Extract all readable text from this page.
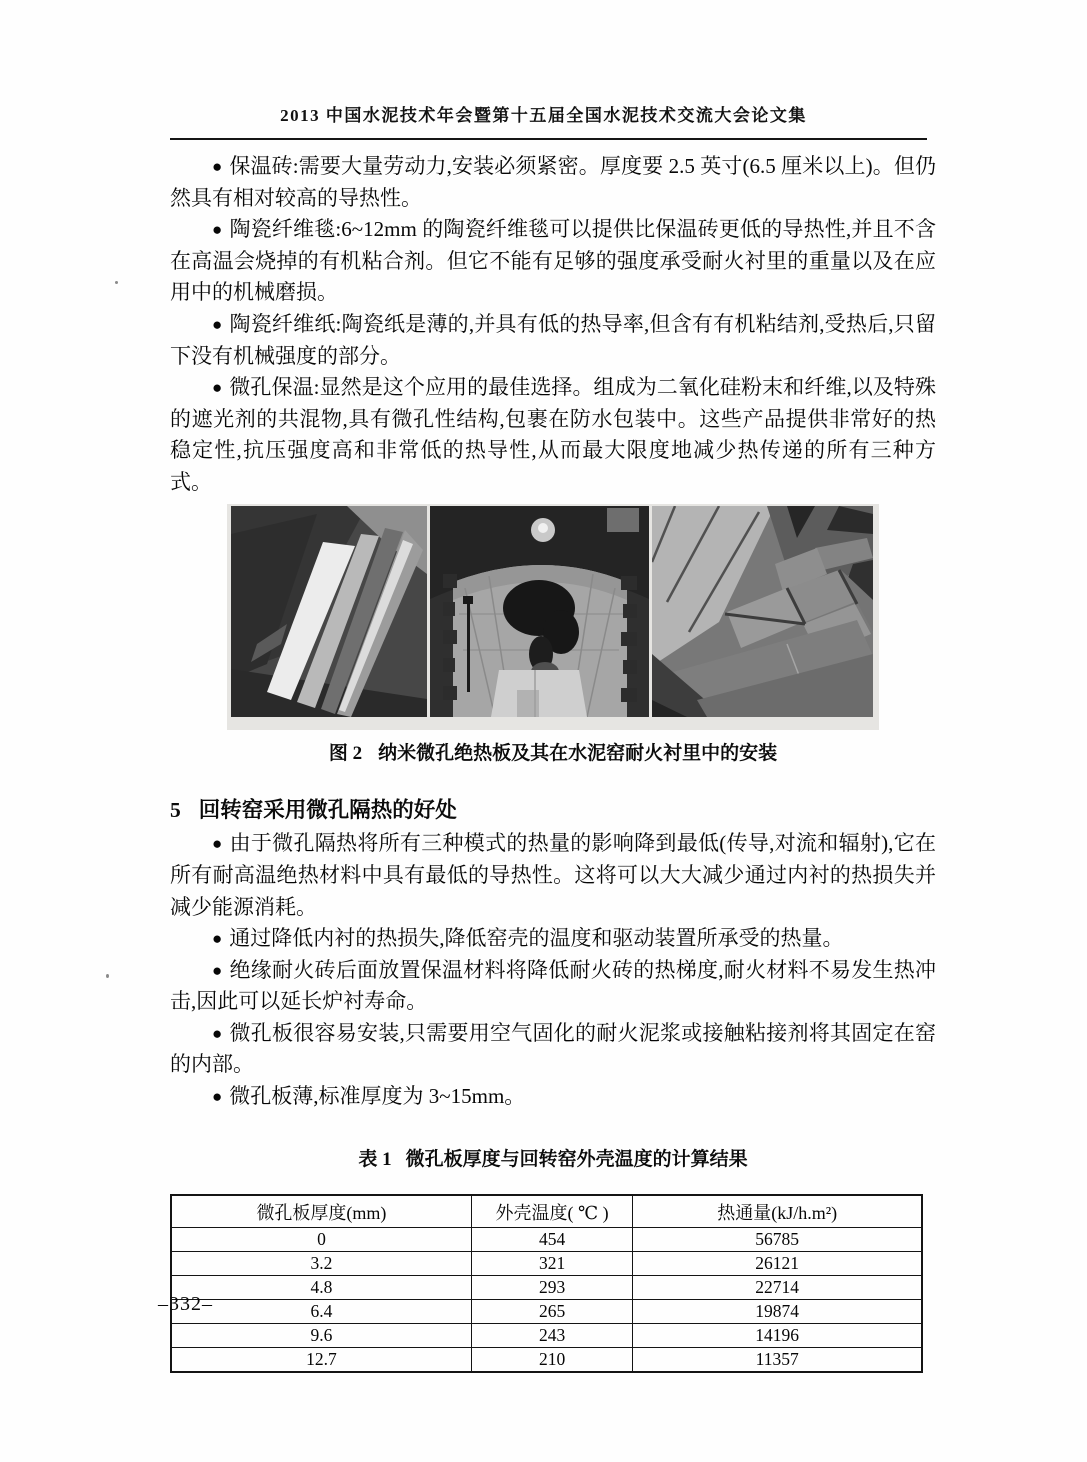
2013 中国水泥技术年会暨第十五届全国水泥技术交流大会论文集

● 保温砖:需要大量劳动力,安装必须紧密。厚度要 2.5 英寸(6.5 厘米以上)。但仍然具有相对较高的导热性。

● 陶瓷纤维毯:6~12mm 的陶瓷纤维毯可以提供比保温砖更低的导热性,并且不含在高温会烧掉的有机粘合剂。但它不能有足够的强度承受耐火衬里的重量以及在应用中的机械磨损。

● 陶瓷纤维纸:陶瓷纸是薄的,并具有低的热导率,但含有有机粘结剂,受热后,只留下没有机械强度的部分。

● 微孔保温:显然是这个应用的最佳选择。组成为二氧化硅粉末和纤维,以及特殊的遮光剂的共混物,具有微孔性结构,包裹在防水包装中。这些产品提供非常好的热稳定性,抗压强度高和非常低的热导性,从而最大限度地减少热传递的所有三种方式。

图 2 纳米微孔绝热板及其在水泥窑耐火衬里中的安装

5 回转窑采用微孔隔热的好处

● 由于微孔隔热将所有三种模式的热量的影响降到最低(传导,对流和辐射),它在所有耐高温绝热材料中具有最低的导热性。这将可以大大减少通过内衬的热损失并减少能源消耗。

● 通过降低内衬的热损失,降低窑壳的温度和驱动装置所承受的热量。

● 绝缘耐火砖后面放置保温材料将降低耐火砖的热梯度,耐火材料不易发生热冲击,因此可以延长炉衬寿命。

● 微孔板很容易安装,只需要用空气固化的耐火泥浆或接触粘接剂将其固定在窑的内部。

● 微孔板薄,标准厚度为 3~15mm。

表 1 微孔板厚度与回转窑外壳温度的计算结果

微孔板厚度(mm)	外壳温度( ℃ )	热通量(kJ/h.m²)
0	454	56785
3.2	321	26121
4.8	293	22714
6.4	265	19874
9.6	243	14196
12.7	210	11357
–332–
